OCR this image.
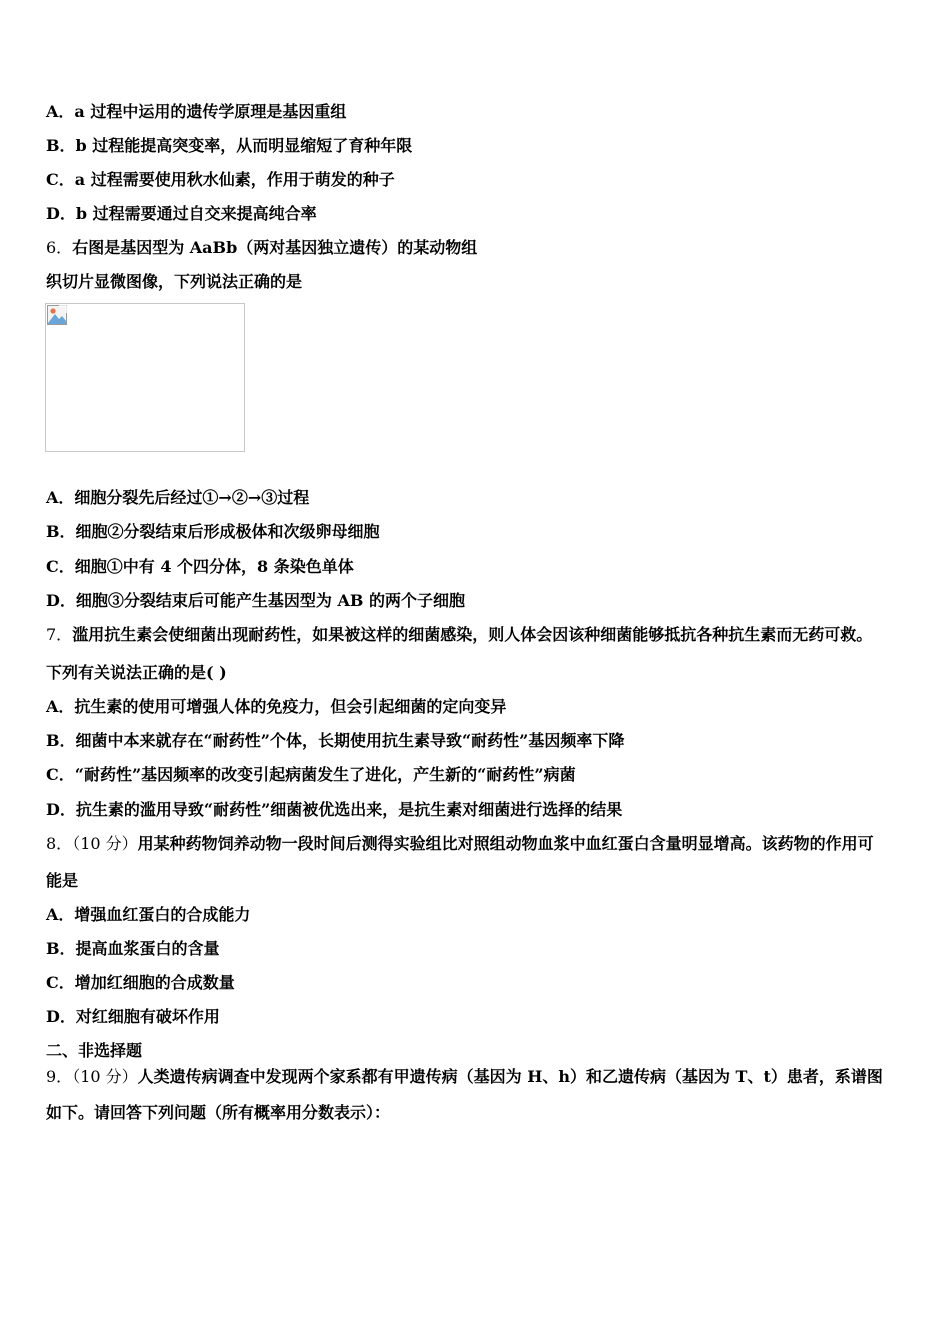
A．a 过程中运用的遗传学原理是基因重组
B．b 过程能提高突变率，从而明显缩短了育种年限
C．a 过程需要使用秋水仙素，作用于萌发的种子
D．b 过程需要通过自交来提高纯合率
6．右图是基因型为 AaBb（两对基因独立遗传）的某动物组
织切片显微图像，下列说法正确的是
A．细胞分裂先后经过①→②→③过程
B．细胞②分裂结束后形成极体和次级卵母细胞
C．细胞①中有 4 个四分体，8 条染色单体
D．细胞③分裂结束后可能产生基因型为 AB 的两个子细胞
7．滥用抗生素会使细菌出现耐药性，如果被这样的细菌感染，则人体会因该种细菌能够抵抗各种抗生素而无药可救。
下列有关说法正确的是( )
A．抗生素的使用可增强人体的免疫力，但会引起细菌的定向变异
B．细菌中本来就存在“耐药性”个体，长期使用抗生素导致“耐药性”基因频率下降
C．“耐药性”基因频率的改变引起病菌发生了进化，产生新的“耐药性”病菌
D．抗生素的滥用导致“耐药性”细菌被优选出来，是抗生素对细菌进行选择的结果
8．（10 分）用某种药物饲养动物一段时间后测得实验组比对照组动物血浆中血红蛋白含量明显增高。该药物的作用可
能是
A．增强血红蛋白的合成能力
B．提高血浆蛋白的含量
C．增加红细胞的合成数量
D．对红细胞有破坏作用
二、非选择题
9．（10 分）人类遗传病调查中发现两个家系都有甲遗传病（基因为 H、h）和乙遗传病（基因为 T、t）患者，系谱图
如下。请回答下列问题（所有概率用分数表示）：
